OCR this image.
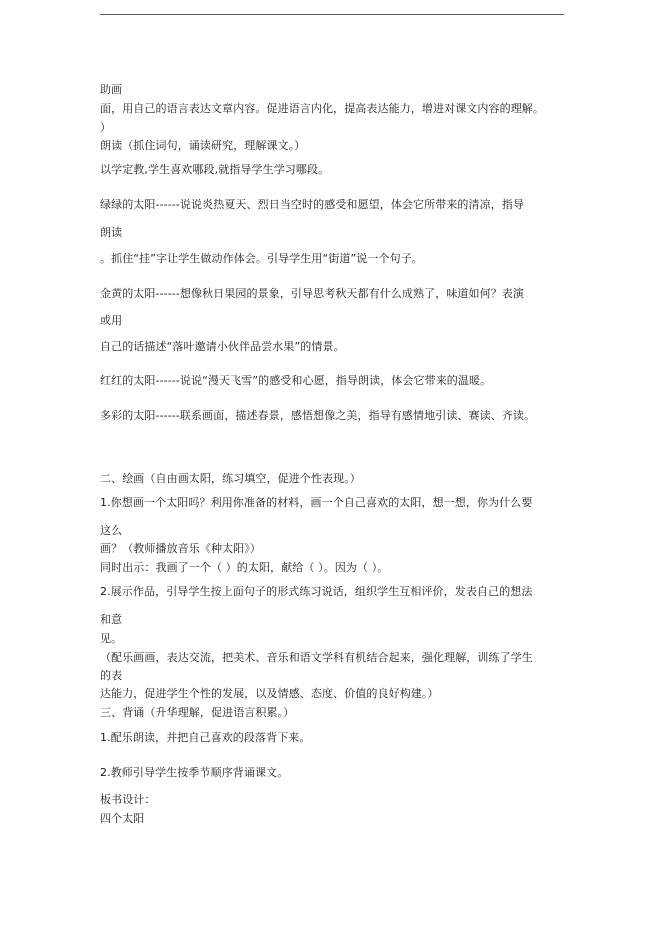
助画
面，用自己的语言表达文章内容。促进语言内化，提高表达能力，增进对课文内容的理解。
）
朗读（抓住词句，诵读研究，理解课文。）
以学定教,学生喜欢哪段,就指导学生学习哪段。
绿绿的太阳------说说炎热夏天、烈日当空时的感受和愿望，体会它所带来的清凉，指导
朗读
。抓住“挂”字让学生做动作体会。引导学生用“街道”说一个句子。
金黄的太阳------想像秋日果园的景象，引导思考秋天都有什么成熟了，味道如何？表演
或用
自己的话描述“落叶邀请小伙伴品尝水果”的情景。
红红的太阳------说说“漫天飞雪”的感受和心愿，指导朗读，体会它带来的温暖。
多彩的太阳------联系画面，描述春景，感悟想像之美，指导有感情地引读、赛读、齐读。
二、绘画（自由画太阳，练习填空，促进个性表现。）
1.你想画一个太阳吗？利用你准备的材料，画一个自己喜欢的太阳，想一想，你为什么要
这么
画？（教师播放音乐《种太阳》）
同时出示：我画了一个（ ）的太阳，献给（ ）。因为（ ）。
2.展示作品，引导学生按上面句子的形式练习说话，组织学生互相评价，发表自己的想法
和意
见。
（配乐画画，表达交流，把美术、音乐和语文学科有机结合起来，强化理解，训练了学生
的表
达能力，促进学生个性的发展，以及情感、态度、价值的良好构建。）
三、背诵（升华理解，促进语言积累。）
1.配乐朗读，并把自己喜欢的段落背下来。
2.教师引导学生按季节顺序背诵课文。
板书设计：
四个太阳
